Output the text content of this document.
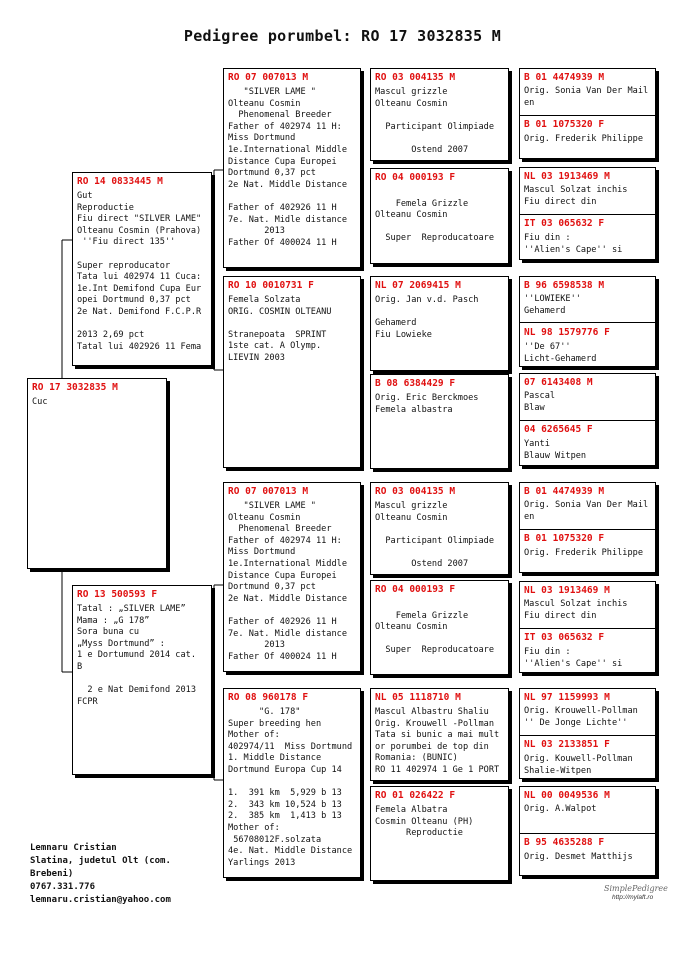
Pedigree porumbel: RO 17 3032835 M
RO 17 3032835 M
Cuc
RO 14 0833445 M
Gut
Reproductie
Fiu direct "SILVER LAME"
Olteanu Cosmin (Prahova)
''Fiu direct 135''

Super reproducator
Tata lui 402974 11 Cuca:
1e.Int Demifond Cupa Eur
opei Dortmund 0,37 pct
2e Nat. Demifond F.C.P.R

2013 2,69 pct
Tatal lui 402926 11 Fema
RO 13 500593 F
Tatal : „SILVER LAME”
Mama : „G 178”
Sora buna cu
„Myss Dortmund” :
1 e Dortumund 2014 cat.
B

2 e Nat Demifond 2013
FCPR
RO 07 007013 M
"SILVER LAME "
Olteanu Cosmin
Phenomenal Breeder
Father of 402974 11 H:
Miss Dortmund
1e.International Middle
Distance Cupa Europei
Dortmund 0,37 pct
2e Nat. Middle Distance

Father of 402926 11 H
7e. Nat. Midle distance
2013
Father Of 400024 11 H
RO 10 0010731 F
Femela Solzata
ORIG. COSMIN OLTEANU

Stranepoata  SPRINT
1ste cat. A Olymp.
LIEVIN 2003
RO 07 007013 M
"SILVER LAME "
Olteanu Cosmin
Phenomenal Breeder
Father of 402974 11 H:
Miss Dortmund
1e.International Middle
Distance Cupa Europei
Dortmund 0,37 pct
2e Nat. Middle Distance

Father of 402926 11 H
7e. Nat. Midle distance
2013
Father Of 400024 11 H
RO 08 960178 F
"G. 178"
Super breeding hen
Mother of:
402974/11  Miss Dortmund
1. Middle Distance
Dortmund Europa Cup 14

1.  391 km  5,929 b 13
2.  343 km 10,524 b 13
2.  385 km  1,413 b 13
Mother of:
56708012F.solzata
4e. Nat. Middle Distance
Yarlings 2013
RO 03 004135 M
Mascul grizzle
Olteanu Cosmin

Participant Olimpiade

Ostend 2007
RO 04 000193 F

Femela Grizzle
Olteanu Cosmin

Super  Reproducatoare
NL 07 2069415 M
Orig. Jan v.d. Pasch

Gehamerd
Fiu Lowieke
B 08 6384429 F
Orig. Eric Berckmoes
Femela albastra
RO 03 004135 M
Mascul grizzle
Olteanu Cosmin

Participant Olimpiade

Ostend 2007
RO 04 000193 F

Femela Grizzle
Olteanu Cosmin

Super  Reproducatoare
NL 05 1118710 M
Mascul Albastru Shaliu
Orig. Krouwell -Pollman
Tata si bunic a mai mult
or porumbei de top din
Romania: (BUNIC)
RO 11 402974 1 Ge 1 PORT
RO 01 026422 F
Femela Albatra
Cosmin Olteanu (PH)
Reproductie
B 01 4474939 M
Orig. Sonia Van Der Mail
en
B 01 1075320 F
Orig. Frederik Philippe
NL 03 1913469 M
Mascul Solzat inchis
Fiu direct din
IT 03 065632 F
Fiu din :
''Alien's Cape'' si
B 96 6598538 M
''LOWIEKE''
Gehamerd
NL 98 1579776 F
''De 67''
Licht-Gehamerd
07 6143408 M
Pascal
Blaw
04 6265645 F
Yanti
Blauw Witpen
B 01 4474939 M
Orig. Sonia Van Der Mail
en
B 01 1075320 F
Orig. Frederik Philippe
NL 03 1913469 M
Mascul Solzat inchis
Fiu direct din
IT 03 065632 F
Fiu din :
''Alien's Cape'' si
NL 97 1159993 M
Orig. Krouwell-Pollman
'' De Jonge Lichte''
NL 03 2133851 F
Orig. Kouwell-Pollman
Shalie-Witpen
NL 00 0049536 M
Orig. A.Walpot
B 95 4635288 F
Orig. Desmet Matthijs
Lemnaru Cristian
Slatina, judetul Olt (com.
Brebeni)
0767.331.776
lemnaru.cristian@yahoo.com
SimplePedigree
http://mylaft.ro
